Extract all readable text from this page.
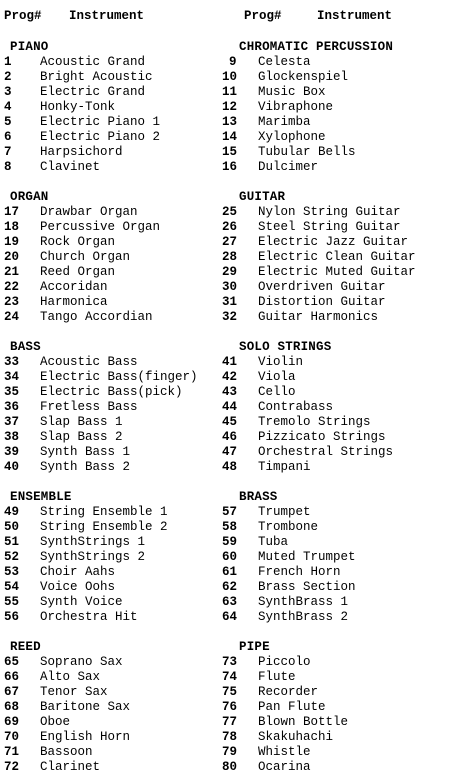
Prog# Instrument	Prog#	Instrument
PIANO
1 Acoustic Grand
2 Bright Acoustic
3 Electric Grand
4 Honky-Tonk
5 Electric Piano 1
6 Electric Piano 2
7 Harpsichord
8 Clavinet
CHROMATIC PERCUSSION
9 Celesta
10 Glockenspiel
11 Music Box
12 Vibraphone
13 Marimba
14 Xylophone
15 Tubular Bells
16 Dulcimer
ORGAN
17 Drawbar Organ
18 Percussive Organ
19 Rock Organ
20 Church Organ
21 Reed Organ
22 Accoridan
23 Harmonica
24 Tango Accordian
GUITAR
25 Nylon String Guitar
26 Steel String Guitar
27 Electric Jazz Guitar
28 Electric Clean Guitar
29 Electric Muted Guitar
30 Overdriven Guitar
31 Distortion Guitar
32 Guitar Harmonics
BASS
33 Acoustic Bass
34 Electric Bass(finger)
35 Electric Bass(pick)
36 Fretless Bass
37 Slap Bass 1
38 Slap Bass 2
39 Synth Bass 1
40 Synth Bass 2
SOLO STRINGS
41 Violin
42 Viola
43 Cello
44 Contrabass
45 Tremolo Strings
46 Pizzicato Strings
47 Orchestral Strings
48 Timpani
ENSEMBLE
49 String Ensemble 1
50 String Ensemble 2
51 SynthStrings 1
52 SynthStrings 2
53 Choir Aahs
54 Voice Oohs
55 Synth Voice
56 Orchestra Hit
BRASS
57 Trumpet
58 Trombone
59 Tuba
60 Muted Trumpet
61 French Horn
62 Brass Section
63 SynthBrass 1
64 SynthBrass 2
REED
65 Soprano Sax
66 Alto Sax
67 Tenor Sax
68 Baritone Sax
69 Oboe
70 English Horn
71 Bassoon
72 Clarinet
PIPE
73 Piccolo
74 Flute
75 Recorder
76 Pan Flute
77 Blown Bottle
78 Skakuhachi
79 Whistle
80 Ocarina
